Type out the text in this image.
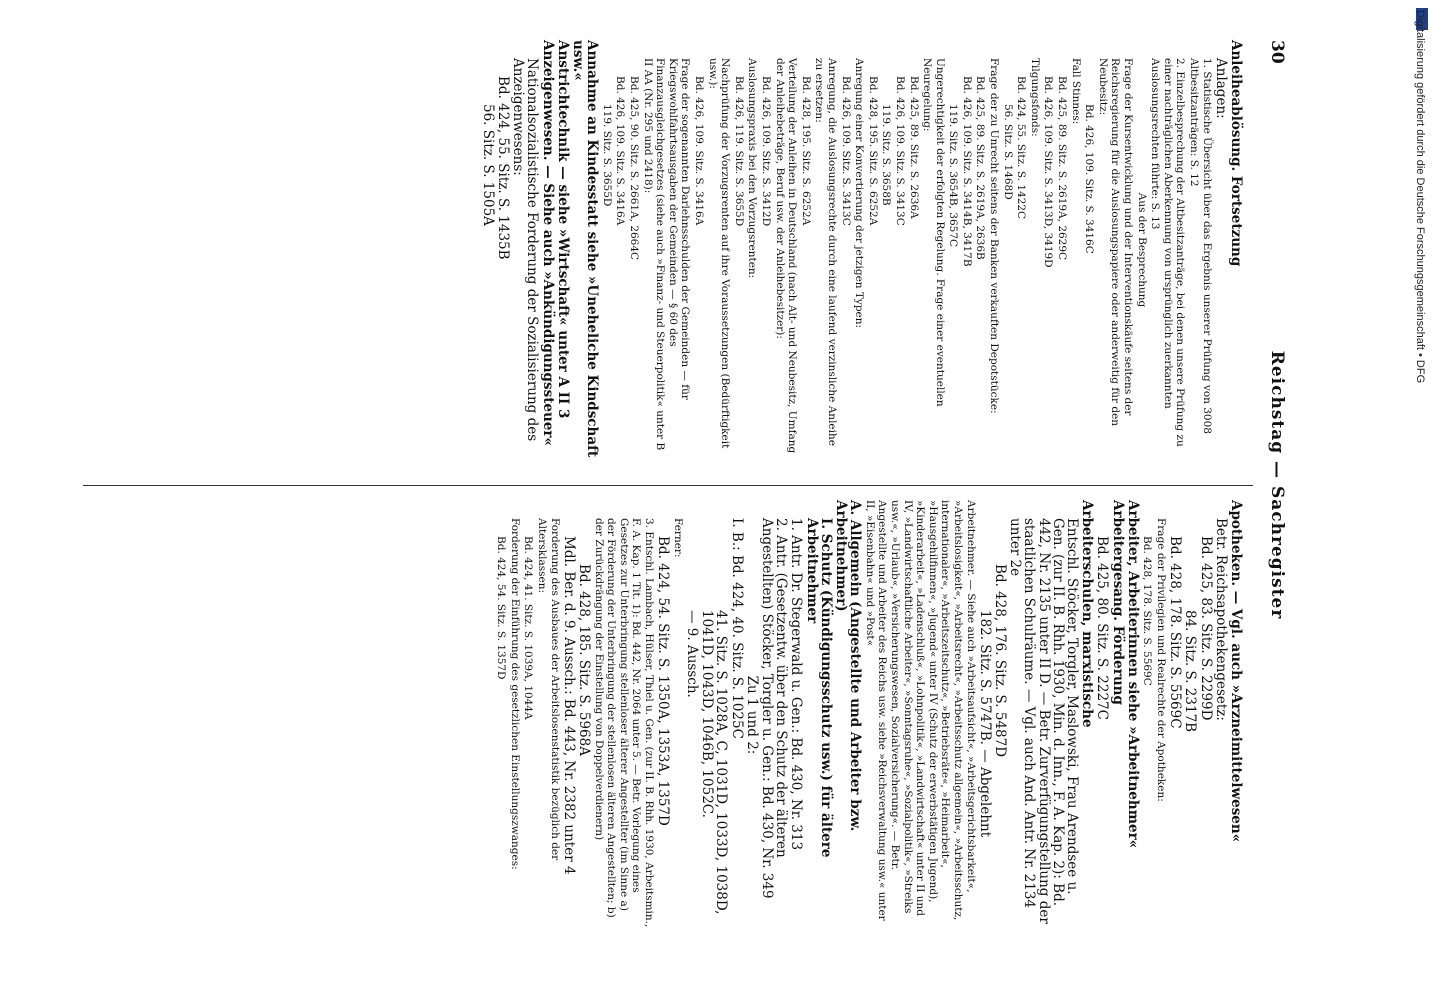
30
Reichstag — Sachregister
Anleiheablösung. Fortsetzung
Anlagen:
1. Statistische Übersicht über das Ergebnis unserer Prüfung von 3008 Altbesitzanträgen: S. 12
2. Einzelbesprechung der Altbesitzanträge, bei denen unsere Prüfung zu einer nachträglichen Aberkennung von ursprünglich zuerkannten Auslosungsrechten führte: S. 13
Aus der Besprechung
Frage der Kursentwicklung und der Interventionskäufe seitens der Reichsregierung für die Auslosungspapiere oder anderweitig für den Neubesitz:
Bd. 426, 109. Sitz. S. 3416C
Fall Stinnes:
Bd. 425, 89. Sitz. S. 2619A, 2629C
Bd. 426, 109. Sitz. S. 3413D, 3419D
Tilgungsfonds:
Bd. 424, 55. Sitz. S. 1422C
56. Sitz. S. 1468D
Frage der zu Unrecht seitens der Banken verkauften Depotstücke:
Bd. 425, 89. Sitz. S. 2619A, 2636B
Bd. 426, 109. Sitz. S. 3414B, 3417B
119. Sitz. S. 3654B, 3657C
Ungerechtigkeit der erfolgten Regelung. Frage einer eventuellen Neuregelung:
Bd. 425, 89. Sitz. S. 2636A
Bd. 426, 109. Sitz. S. 3413C
119. Sitz. S. 3658B
Bd. 428, 195. Sitz. S. 6252A
Anregung einer Konvertierung der jetzigen Typen:
Bd. 426, 109. Sitz. S. 3413C
Anregung, die Auslosungsrechte durch eine laufend verzinsliche Anleihe zu ersetzen:
Bd. 428, 195. Sitz. S. 6252A
Verteilung der Anleihen in Deutschland (nach Alt- und Neubesitz, Umfang der Anleihebeträge, Beruf usw. der Anleihebesitzer):
Bd. 426, 109. Sitz. S. 3412D
Auslosungspraxis bei den Vorzugsrenten:
Bd. 426, 119. Sitz. S. 3655D
Nachprüfung der Vorzugsrenten auf ihre Voraussetzungen (Bedürftigkeit usw.):
Bd. 426, 109. Sitz. S. 3416A
Frage der sogenannten Darlehnsschulden der Gemeinden — für Kriegswohlfahrtsausgaben der Gemeinden — § 60 des Finanzausgleichgesetzes (siehe auch »Finanz- und Steuerpolitik« unter B II AA (Nr. 295 und 2418):
Bd. 425, 90. Sitz. S. 2661A, 2664C
Bd. 426, 109. Sitz. S. 3416A
119. Sitz. S. 3655D
Annahme an Kindesstatt siehe »Uneheliche Kindschaft usw.«
Anstrichtechnik — siehe »Wirtschaft« unter A II 3
Anzeigenwesen. — Siehe auch »Ankündigungssteuer«
Nationalsozialistische Forderung der Sozialisierung des Anzeigenwesens:
Bd. 424, 55. Sitz. S. 1435B
56. Sitz. S. 1505A
Apotheken. — Vgl. auch »Arzneimittelwesen«
Betr. Reichsapothekengesetz:
Bd. 425, 83. Sitz. S. 2299D
84. Sitz. S. 2317B
Bd. 428, 178. Sitz. S. 5569C
Frage der Privilegien und Realrechte der Apotheken:
Bd. 428, 178. Sitz. S. 5569C
Arbeiter, Arbeiterinnen siehe »Arbeitnehmer«
Arbeitergesang. Förderung
Bd. 425, 80. Sitz. S. 2227C
Arbeiterschulen, marxistische
Entschl. Stöcker, Torgler, Maslowski, Frau Arendsee u. Gen. (zur II. B. Rhh. 1930, Min. d. Inn., F. A. Kap. 2): Bd. 442, Nr. 2135 unter II D. — Betr. Zurverfügungstellung der staatlichen Schulräume. — Vgl. auch And. Antr. Nr. 2134 unter 2e
Bd. 428, 176. Sitz. S. 5487D
182. Sitz. S. 5747B. — Abgelehnt
Arbeitnehmer. — Siehe auch »Arbeitsaufsicht«, »Arbeitsgerichtsbarkeit«, »Arbeitslosigkeit«, »Arbeitsrecht«, »Arbeitsschutz allgemein«, »Arbeitsschutz, internationaler«, »Arbeitszeitschutz«, »Betriebsräte«, »Heimarbeit«, »Hausgehilfinnen«, »Jugend« unter IV (Schutz der erwerbstätigen Jugend), »Kinderarbeit«, »Ladenschluß«, »Lohnpolitik«, »Landwirtschaft« unter II und IV, »Landwirtschaftliche Arbeiter«, »Sonntagsruhe«, »Sozialpolitik«, »Streiks usw.«, »Urlaub«, »Versicherungswesen, Sozialversicherung«. — Betr. Angestellte und Arbeiter des Reichs usw. siehe »Reichsverwaltung usw.« unter II, »Eisenbahn« und »Post«
A. Allgemein (Angestellte und Arbeiter bzw. Arbeitnehmer)
I. Schutz (Kündigungsschutz usw.) für ältere Arbeitnehmer
1. Antr. Dr. Stegerwald u. Gen.: Bd. 430, Nr. 313
2. Antr. (Gesetzentw. über den Schutz der älteren Angestellten) Stöcker, Torgler u. Gen.: Bd. 430, Nr. 349
Zu 1 und 2:
I. B.: Bd. 424, 40. Sitz. S. 1025C
41. Sitz. S. 1028A, C, 1031D, 1033D, 1038D, 1041D, 1043D, 1046B, 1052C.
— 9. Aussch.
Ferner:
Bd. 424, 54. Sitz. S. 1350A, 1353A, 1357D
3. Entschl. Lambach, Hülser, Thiel u. Gen. (zur II. B. Rhh. 1930, Arbeitsmin., F. A. Kap. 1 Tit. 1): Bd. 442, Nr. 2064 unter 5. — Betr. Vorlegung eines Gesetzes zur Unterbringung stellenloser älterer Angestellter (im Sinne a) der Förderung der Unterbringung der stellenlosen älteren Angestellten; b) der Zurückdrängung der Einstellung von Doppelverdienern)
Bd. 428, 185. Sitz. S. 5968A
Mdl. Ber. d. 9. Aussch.: Bd. 443, Nr. 2382 unter 4
Forderung des Ausbaues der Arbeitslosenstatistik bezüglich der Altersklassen:
Bd. 424, 41. Sitz. S. 1039A, 1044A
Forderung der Einführung des gesetzlichen Einstellungszwanges:
Bd. 424, 54. Sitz. S. 1357D
Digitalisierung gefördert durch die Deutsche Forschungsgemeinschaft • DFG
